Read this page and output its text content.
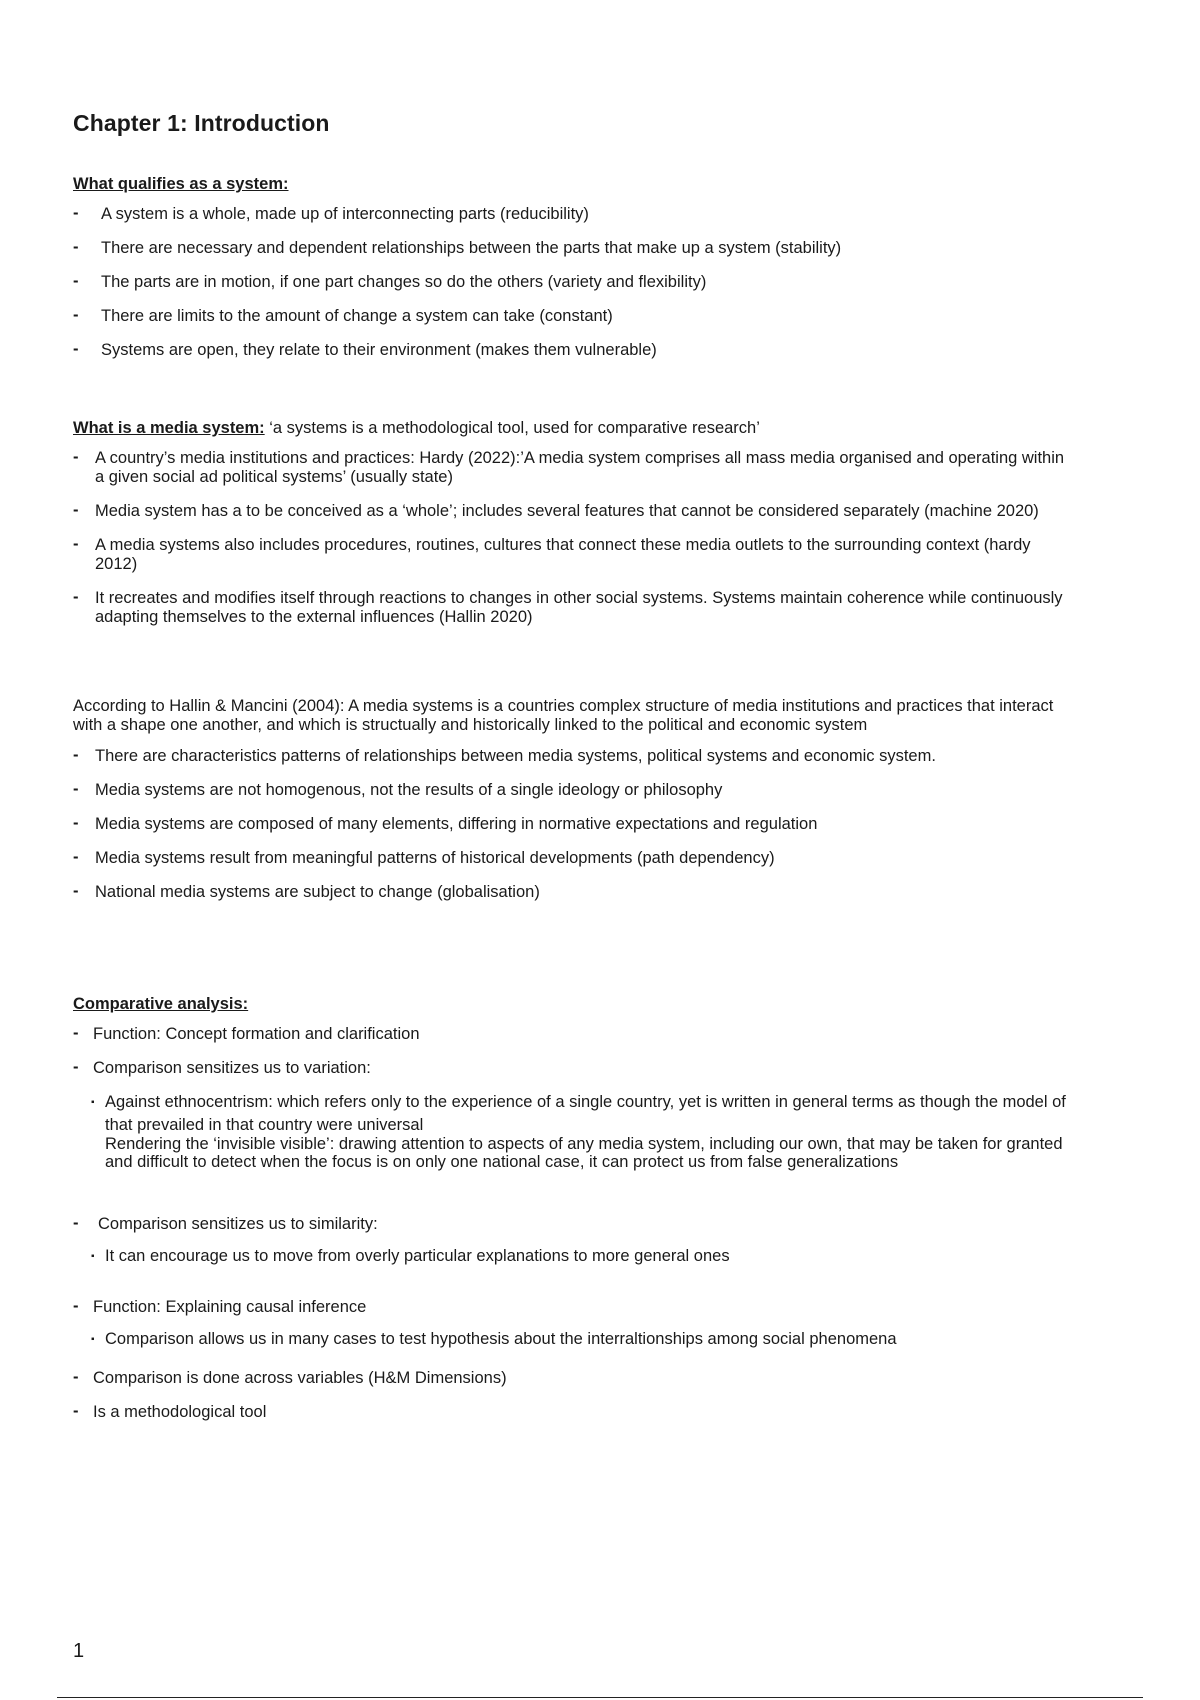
Chapter 1: Introduction
What qualifies as a system:
- A system is a whole, made up of interconnecting parts (reducibility)
- There are necessary and dependent relationships between the parts that make up a system (stability)
- The parts are in motion, if one part changes so do the others (variety and flexibility)
- There are limits to the amount of change a system can take (constant)
- Systems are open, they relate to their environment (makes them vulnerable)
What is a media system: ‘a systems is a methodological tool, used for comparative research’
- A country’s media institutions and practices: Hardy (2022):’A media system comprises all mass media organised and operating within a given social ad political systems’ (usually state)
- Media system has a to be conceived as a ‘whole’; includes several features that cannot be considered separately (machine 2020)
- A media systems also includes procedures, routines, cultures that connect these media outlets to the surrounding context (hardy 2012)
- It recreates and modifies itself through reactions to changes in other social systems. Systems maintain coherence while continuously adapting themselves to the external influences (Hallin 2020)

According to Hallin & Mancini (2004): A media systems is a countries complex structure of media institutions and practices that interact with a shape one another, and which is structually and historically linked to the political and economic system

- There are characteristics patterns of relationships between media systems, political systems and economic system.
- Media systems are not homogenous, not the results of a single ideology or philosophy
- Media systems are composed of many elements, differing in normative expectations and regulation
- Media systems result from meaningful patterns of historical developments (path dependency)
- National media systems are subject to change (globalisation)
Comparative analysis:
- Function: Concept formation and clarification
- Comparison sensitizes us to variation:
▪ Against ethnocentrism: which refers only to the experience of a single country, yet is written in general terms as though the model of that prevailed in that country were universal
Rendering the ‘invisible visible’: drawing attention to aspects of any media system, including our own, that may be taken for granted and difficult to detect when the focus is on only one national case, it can protect us from false generalizations
- Comparison sensitizes us to similarity:
▪ It can encourage us to move from overly particular explanations to more general ones
- Function: Explaining causal inference
▪ Comparison allows us in many cases to test hypothesis about the interraltionships among social phenomena
- Comparison is done across variables (H&M Dimensions)
- Is a methodological tool
1
